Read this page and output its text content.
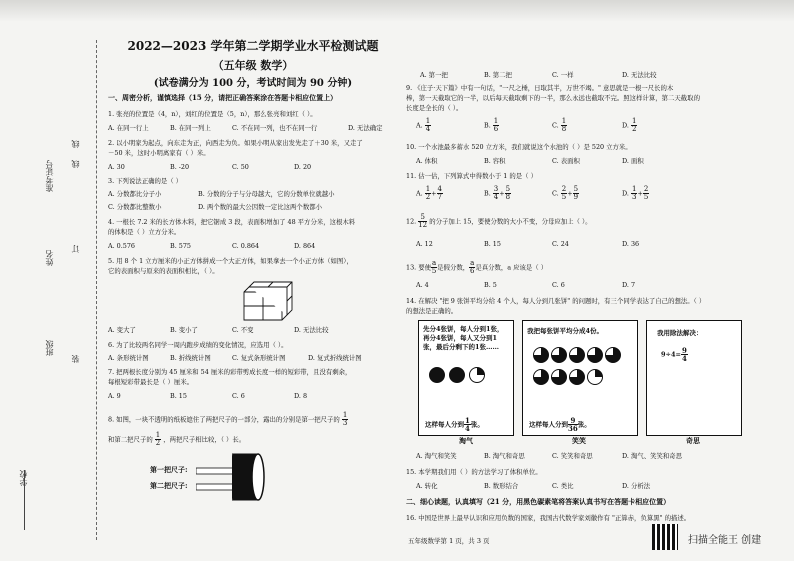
学校
班级
姓名
准考证号
线
线
订
装
2022—2023 学年第二学期学业水平检测试题
（五年级 数学）
(试卷满分为 100 分，考试时间为 90 分钟)
一、周密分析，谨慎选择（15 分，请把正确答案涂在答题卡相应位置上）
1. 张亮的位置是（4，n），刘红的位置是（5，n），那么张亮和刘红（ ）。
A. 在同一行上	B. 在同一列上	C. 不在同一列，也不在同一行	D. 无法确定
2. 以小明家为起点，向东走为正，向西走为负。如果小明从家出发先走了＋30 米，又走了
－50 米，这时小明离家有（ ）米。
A. 30	B. -20	C. 50	D. 20
3. 下列说法正确的是（ ）
A. 分数都比分子小	B. 分数的分子与分母越大，它的分数单位就越小
C. 分数都比整数小	D. 两个数的最大公因数一定比这两个数都小
4. 一根长 7.2 米的长方体木料，把它锯成 3 段，表面积增加了 48 平方分米，这根木料
的体积是（ ）立方分米。
A. 0.576	B. 575	C. 0.864	D. 864
5. 用 8 个 1 立方厘米的小正方体拼成一个大正方体，如果拿去一个小正方体（如图），
它的表面积与原来的表面积相比，（ ）。
A. 变大了	B. 变小了	C. 不变	D. 无法比较
6. 为了比较两名同学一周内跑步成绩的变化情况，应选用（ ）。
A. 条形统计图	B. 折线统计图	C. 复式条形统计图	D. 复式折线统计图
7. 把两根长度分别为 45 厘米和 54 厘米的彩带剪成长度一样的短彩带，且没有剩余，
每根短彩带最长是（ ）厘米。
A. 9	B. 15	C. 6	D. 8
8. 如图，一块不透明的纸板遮住了两把尺子的一部分，露出的分别是第一把尺子的 $\frac{1}{3}$
和第二把尺子的 $\frac{1}{2}$ ，两把尺子相比较，（ ）长。
第一把尺子:
第二把尺子:
A. 第一把	B. 第二把	C. 一样	D. 无法比较
9. 《庄子·天下篇》中有一句话，"一尺之棰，日取其半，万世不竭。" 意思就是一根一尺长的木
棒，第一天截取它的一半，以后每天截取剩下的一半，那么永远也截取不完。照这样计算，第二天截取的
长度是全长的（ ）。
A. $\frac{1}{4}$	B. $\frac{1}{6}$	C. $\frac{1}{8}$	D. $\frac{1}{2}$
10. 一个水池最多蓄水 520 立方米，我们就说这个水池的（ ）是 520 立方米。
A. 体积	B. 容积	C. 表面积	D. 面积
11. 估一估，下列算式中得数小于 1 的是（ ）
A. $\frac{1}{2} + \frac{4}{7}$	B. $\frac{3}{4} + \frac{5}{8}$	C. $\frac{2}{5} + \frac{5}{9}$	D. $\frac{1}{3} + \frac{2}{5}$
12. $\frac{5}{12}$ 的分子加上 15，要使分数的大小不变，分母应加上（ ）。
A. 12	B. 15	C. 24	D. 36
13. 要使 $\frac{a}{5}$ 是假分数， $\frac{a}{6}$ 是真分数，a 应该是（ ）
A. 4	B. 5	C. 6	D. 7
14. 在解决 "把 9 张饼平均分给 4 个人，每人分到几张饼" 的问题时，有三个同学表达了自己的想法。（ ）
的想法是正确的。
先分4张饼，每人分到1张，再分4张饼，每人又分到1张，最后分剩下的1张……
这样每人分到 $\frac{1}{4}$ 张。
淘气
我把每张饼平均分成4份。
这样每人分到 $\frac{9}{36}$ 张。
笑笑
我用除法解决：
$9\div 4= \frac{9}{4}$
奇思
A. 淘气和笑笑	B. 淘气和奇思	C. 笑笑和奇思	D. 淘气、笑笑和奇思
15. 本学期我们用（ ）的方法学习了体积单位。
A. 转化	B. 数形结合	C. 类比	D. 分析法
二、细心读题，认真填写（21 分，用黑色碳素笔将答案认真书写在答题卡相应位置）
16. 中国是世界上最早认识和应用负数的国家，我国古代数学家刘徽作有 "正算赤，负算黑" 的描述。
五年级数学第 1 页，共 3 页	扫描全能王 创建
